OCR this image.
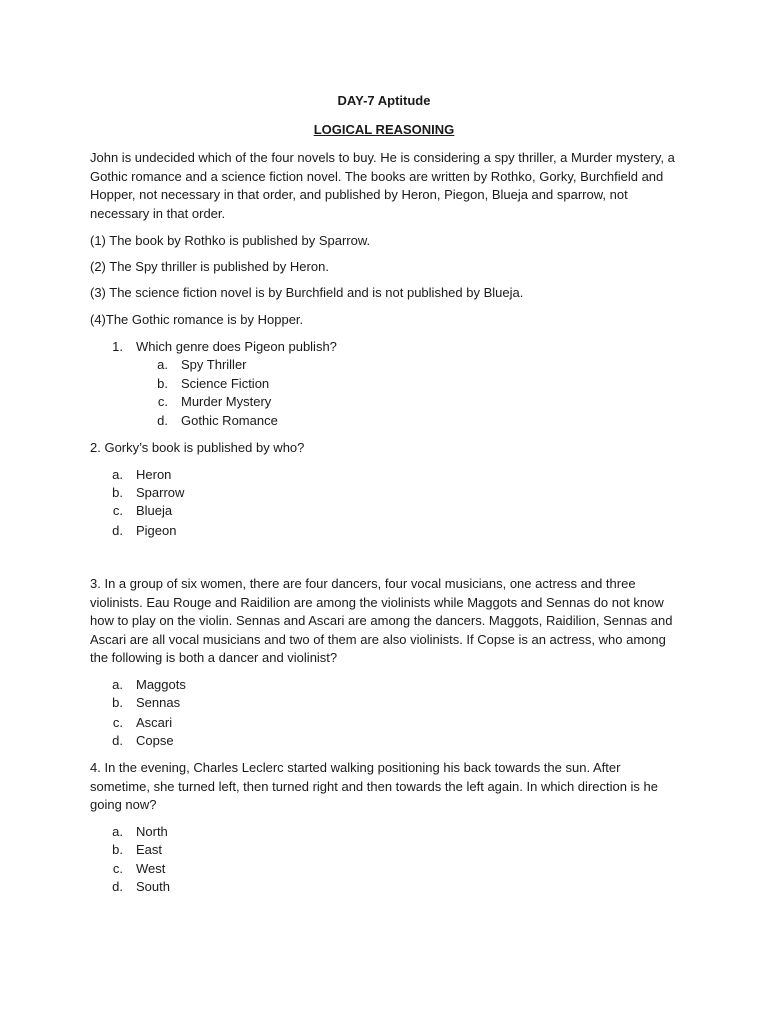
DAY-7 Aptitude

LOGICAL REASONING

John is undecided which of the four novels to buy. He is considering a spy thriller, a Murder mystery, a Gothic romance and a science fiction novel. The books are written by Rothko, Gorky, Burchfield and Hopper, not necessary in that order, and published by Heron, Piegon, Blueja and sparrow, not necessary in that order.

(1) The book by Rothko is published by Sparrow.

(2) The Spy thriller is published by Heron.

(3) The science fiction novel is by Burchfield and is not published by Blueja.

(4)The Gothic romance is by Hopper.

1. Which genre does Pigeon publish?
a. Spy Thriller
b. Science Fiction
c. Murder Mystery
d. Gothic Romance

2. Gorky’s book is published by who?

a. Heron
b. Sparrow
c. Blueja
d. Pigeon

3. In a group of six women, there are four dancers, four vocal musicians, one actress and three violinists. Eau Rouge and Raidilion are among the violinists while Maggots and Sennas do not know how to play on the violin. Sennas and Ascari are among the dancers. Maggots, Raidilion, Sennas and Ascari are all vocal musicians and two of them are also violinists. If Copse is an actress, who among the following is both a dancer and violinist?

a. Maggots
b. Sennas
c. Ascari
d. Copse

4. In the evening, Charles Leclerc started walking positioning his back towards the sun. After sometime, she turned left, then turned right and then towards the left again. In which direction is he going now?

a. North
b. East
c. West
d. South
